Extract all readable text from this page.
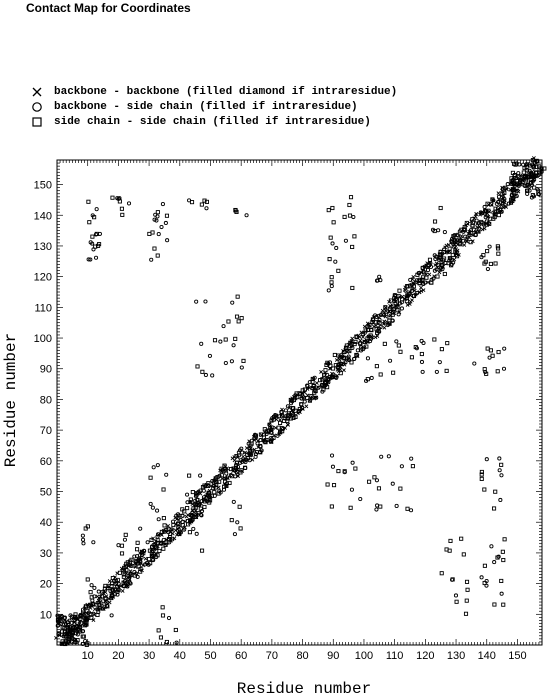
Contact Map for Coordinates
backbone - backbone (filled diamond if intraresidue)
backbone - side chain (filled if intraresidue)
side chain - side chain (filled if intraresidue)
10 20 30 40 50 60 70 80 90 100 110 120 130 140 150
10
20
30
40
50
60
70
80
90
100
110
120
130
140
150
Residue number
Residue number
